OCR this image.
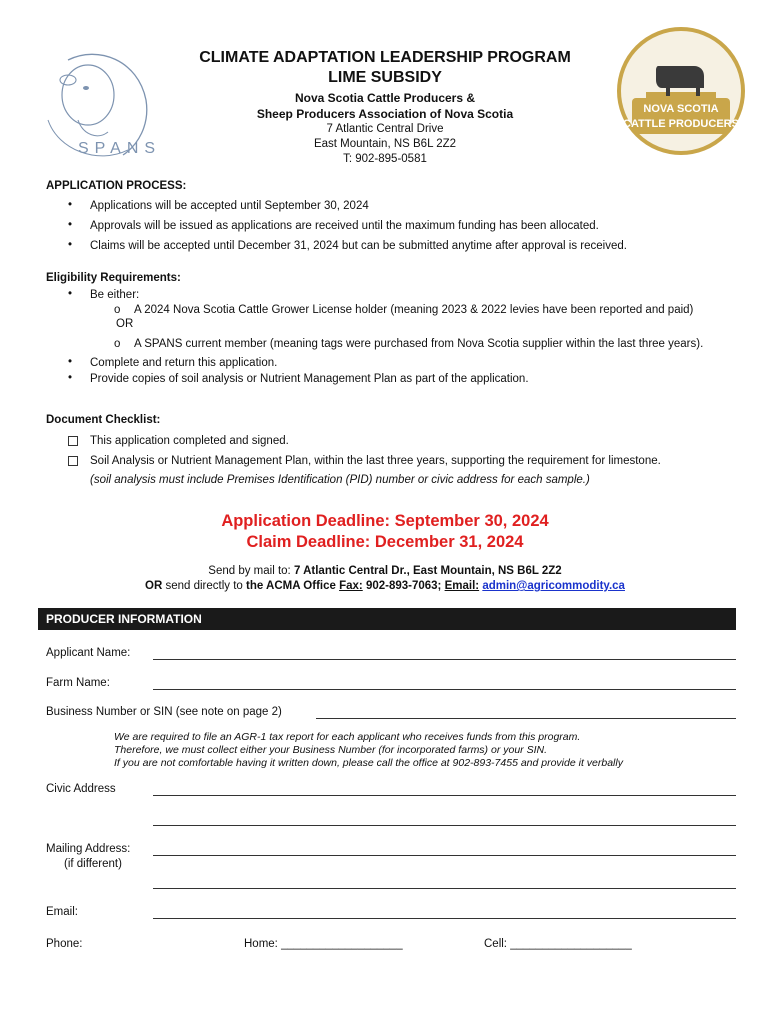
SPANS
NOVA SCOTIA
CATTLE PRODUCERS
CLIMATE ADAPTATION LEADERSHIP PROGRAM
LIME SUBSIDY
Nova Scotia Cattle Producers &
Sheep Producers Association of Nova Scotia
7 Atlantic Central Drive
East Mountain, NS B6L 2Z2
T: 902-895-0581
APPLICATION PROCESS:
•	Applications will be accepted until September 30, 2024
•	Approvals will be issued as applications are received until the maximum funding has been allocated.
•	Claims will be accepted until December 31, 2024 but can be submitted anytime after approval is received.
Eligibility Requirements:
•	Be either:
o A 2024 Nova Scotia Cattle Grower License holder (meaning 2023 & 2022 levies have been reported and paid)
OR
o A SPANS current member (meaning tags were purchased from Nova Scotia supplier within the last three years).
•	Complete and return this application.
•	Provide copies of soil analysis or Nutrient Management Plan as part of the application.
Document Checklist:
This application completed and signed.
Soil Analysis or Nutrient Management Plan, within the last three years, supporting the requirement for limestone.
(soil analysis must include Premises Identification (PID) number or civic address for each sample.)
Application Deadline: September 30, 2024
Claim Deadline: December 31, 2024
Send by mail to: 7 Atlantic Central Dr., East Mountain, NS B6L 2Z2
OR send directly to the ACMA Office Fax: 902-893-7063; Email: admin@agricommodity.ca
PRODUCER INFORMATION
Applicant Name:
Farm Name:
Business Number or SIN (see note on page 2)
We are required to file an AGR-1 tax report for each applicant who receives funds from this program.
Therefore, we must collect either your Business Number (for incorporated farms) or your SIN.
If you are not comfortable having it written down, please call the office at 902-893-7455 and provide it verbally
Civic Address
Mailing Address:
(if different)
Email:
Phone:	Home: ___________________	Cell: ___________________
